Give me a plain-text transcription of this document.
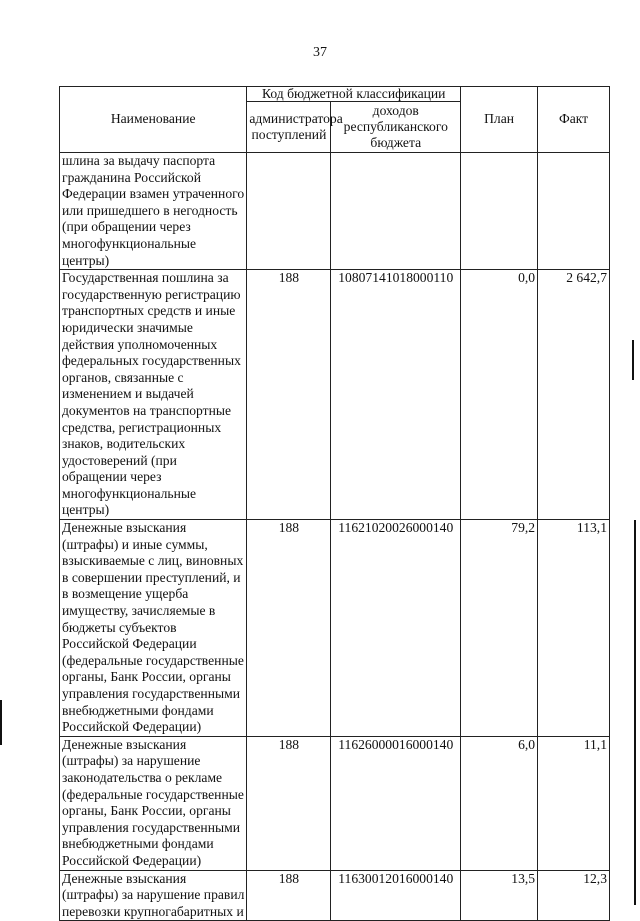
37
Наименование	Код бюджетной классификации		План	Факт
	администратора поступлений	доходов республиканского бюджета		
шлина за выдачу паспорта гражданина Российской Федерации взамен утраченного или пришедшего в негодность (при обращении через многофункциональные центры)				
Государственная пошлина за государственную регистрацию транспортных средств и иные юридически значимые действия уполномоченных федеральных государственных органов, связанные с изменением и выдачей документов на транспортные средства, регистрационных знаков, водительских удостоверений (при обращении через многофункциональные центры)	188	10807141018000110	0,0	2 642,7
Денежные взыскания (штрафы) и иные суммы, взыскиваемые с лиц, виновных в совершении преступлений, и в возмещение ущерба имуществу, зачисляемые в бюджеты субъектов Российской Федерации (федеральные государственные органы, Банк России, органы управления государственными внебюджетными фондами Российской Федерации)	188	11621020026000140	79,2	113,1
Денежные взыскания (штрафы) за нарушение законодательства о рекламе (федеральные государственные органы, Банк России, органы управления государственными внебюджетными фондами Российской Федерации)	188	11626000016000140	6,0	11,1
Денежные взыскания (штрафы) за нарушение правил перевозки крупногабаритных и	188	11630012016000140	13,5	12,3
